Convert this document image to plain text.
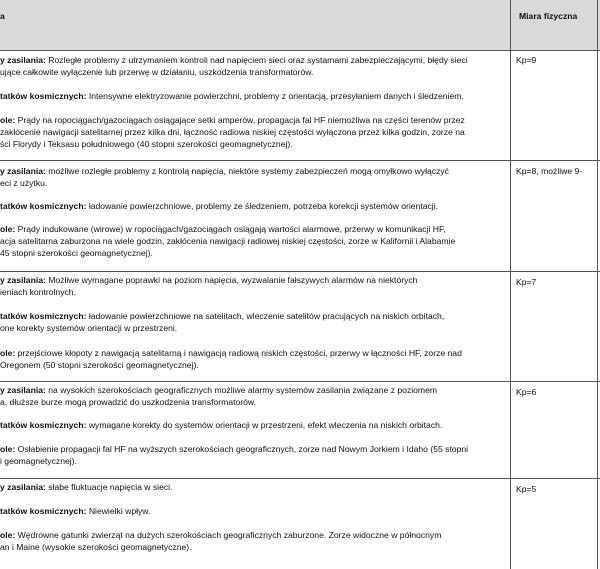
a	Miara fizyczna

y zasilania: Rozległe problemy z utrzymaniem kontroli nad napięciem sieci oraz systamami zabezpieczającymi, błędy sieci

ujące całkowite wyłączenie lub przerwę w działaniu, uszkodzenia transformatorów.

tatków kosmicznych: Intensywne elektryzowanie powierzchni, problemy z orientacją, przesyłaniem danych i śledzeniem.

ole: Prądy na ropociągach/gazociągach osiągające setki amperów, propagacja fal HF niemożliwa na części terenów przez

zakłócenie nawigacji satelitarnej przez kilka dni, łączność radiowa niskiej częstości wyłączona przez kilka godzin, zorze na

ści Florydy i Teksasu południowego (40 stopni szerokości geomagnetycznej).

Kp=9

y zasilania: możliwe rozległe problemy z kontrolą napięcia, niektóre systemy zabezpieczeń mogą omyłkowo wyłączyć

eci z użytku.

tatków kosmicznych: ładowanie powierzchniowe, problemy ze śledzeniem, potrzeba korekcji systemów orientacji.

ole: Prądy indukowane (wirowe) w ropociągach/gazociągach osiągają wartości alarmowe, przerwy w komunikacji HF,

acja satelitarna zaburzona na wiele godzin, zakłócenia nawigacji radiowej niskiej częstości, zorze w Kalifornii i Alabamie

45 stopni szerokości geomagnetycznej).

Kp=8, możliwe 9-

y zasilania: Możliwe wymagane poprawki na poziom napięcia, wyzwalanie fałszywych alarmów na niektórych

ieniach kontrolnych.

tatków kosmicznych: ładowanie powierzchniowe na satelitach, wleczenie satelitów pracujących na niskich orbitach,

one korekty systemów orientacji w przestrzeni.

ole: przejściowe kłopoty z nawigacją satelitarną i nawigacją radiową niskich częstości, przerwy w łączności HF, zorze nad

Oregonem (50 stopni szerokości geomagnetycznej).

Kp=7

y zasilania: na wysokich szerokościach geograficznych możliwe alarmy systemów zasilania związane z poziomem

a, dłuższe burze mogą prowadzić do uszkodzenia transformatorów.

tatków kosmicznych: wymagane korekty do systemów orientacji w przestrzeni, efekt wleczenia na niskich orbitach.

ole: Osłabienie propagacji fal HF na wyższych szerokościach geograficznych, zorze nad Nowym Jorkiem i Idaho (55 stopni

i geomagnetycznej).

Kp=6

y zasilania: słabe fluktuacje napięcia w sieci.

tatków kosmicznych: Niewielki wpływ.

ole: Wędrowne gatunki zwierząt na dużych szerokościach geograficznych zaburzone. Zorze widoczne w północnym

an i Maine (wysokie szerokości geomagnetyczne).

Kp=5
